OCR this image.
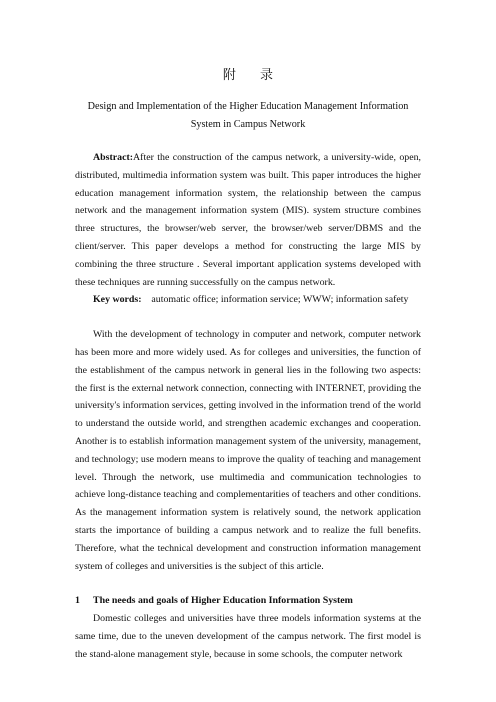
附 录
Design and Implementation of the Higher Education Management Information
System in Campus Network

Abstract:After the construction of the campus network, a university-wide, open, distributed, multimedia information system was built. This paper introduces the higher education management information system, the relationship between the campus network and the management information system (MIS). system structure combines three structures, the browser/web server, the browser/web server/DBMS and the client/server. This paper develops a method for constructing the large MIS by combining the three structure . Several important application systems developed with these techniques are running successfully on the campus network.

Key words: automatic office; information service; WWW; information safety

With the development of technology in computer and network, computer network has been more and more widely used. As for colleges and universities, the function of the establishment of the campus network in general lies in the following two aspects: the first is the external network connection, connecting with INTERNET, providing the university's information services, getting involved in the information trend of the world to understand the outside world, and strengthen academic exchanges and cooperation. Another is to establish information management system of the university, management, and technology; use modern means to improve the quality of teaching and management level. Through the network, use multimedia and communication technologies to achieve long-distance teaching and complementarities of teachers and other conditions. As the management information system is relatively sound, the network application starts the importance of building a campus network and to realize the full benefits. Therefore, what the technical development and construction information management system of colleges and universities is the subject of this article.

1 The needs and goals of Higher Education Information System

Domestic colleges and universities have three models information systems at the same time, due to the uneven development of the campus network. The first model is the stand-alone management style, because in some schools, the computer network
